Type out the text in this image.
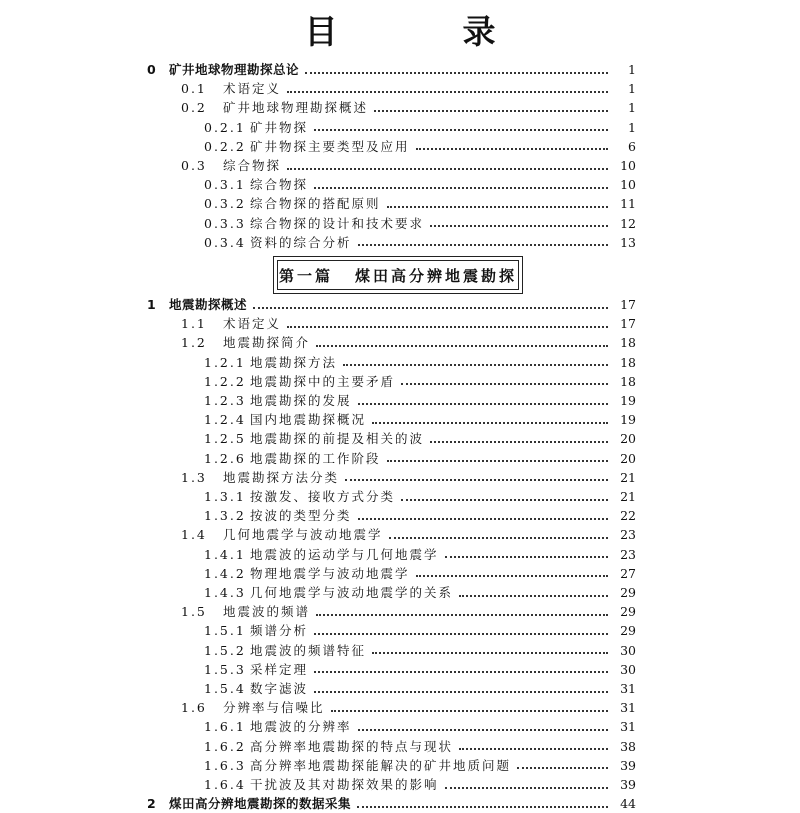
目　录
0	矿井地球物理勘探总论	1
0.1	术语定义	1
0.2	矿井地球物理勘探概述	1
0.2.1 矿井物探	1
0.2.2 矿井物探主要类型及应用	6
0.3	综合物探	10
0.3.1 综合物探	10
0.3.2 综合物探的搭配原则	11
0.3.3 综合物探的设计和技术要求	12
0.3.4 资料的综合分析	13
第一篇 煤田高分辨地震勘探
1	地震勘探概述	17
1.1	术语定义	17
1.2	地震勘探简介	18
1.2.1 地震勘探方法	18
1.2.2 地震勘探中的主要矛盾	18
1.2.3 地震勘探的发展	19
1.2.4 国内地震勘探概况	19
1.2.5 地震勘探的前提及相关的波	20
1.2.6 地震勘探的工作阶段	20
1.3	地震勘探方法分类	21
1.3.1 按激发、接收方式分类	21
1.3.2 按波的类型分类	22
1.4	几何地震学与波动地震学	23
1.4.1 地震波的运动学与几何地震学	23
1.4.2 物理地震学与波动地震学	27
1.4.3 几何地震学与波动地震学的关系	29
1.5	地震波的频谱	29
1.5.1 频谱分析	29
1.5.2 地震波的频谱特征	30
1.5.3 采样定理	30
1.5.4 数字滤波	31
1.6	分辨率与信噪比	31
1.6.1 地震波的分辨率	31
1.6.2 高分辨率地震勘探的特点与现状	38
1.6.3 高分辨率地震勘探能解决的矿井地质问题	39
1.6.4 干扰波及其对勘探效果的影响	39
2	煤田高分辨地震勘探的数据采集	44
